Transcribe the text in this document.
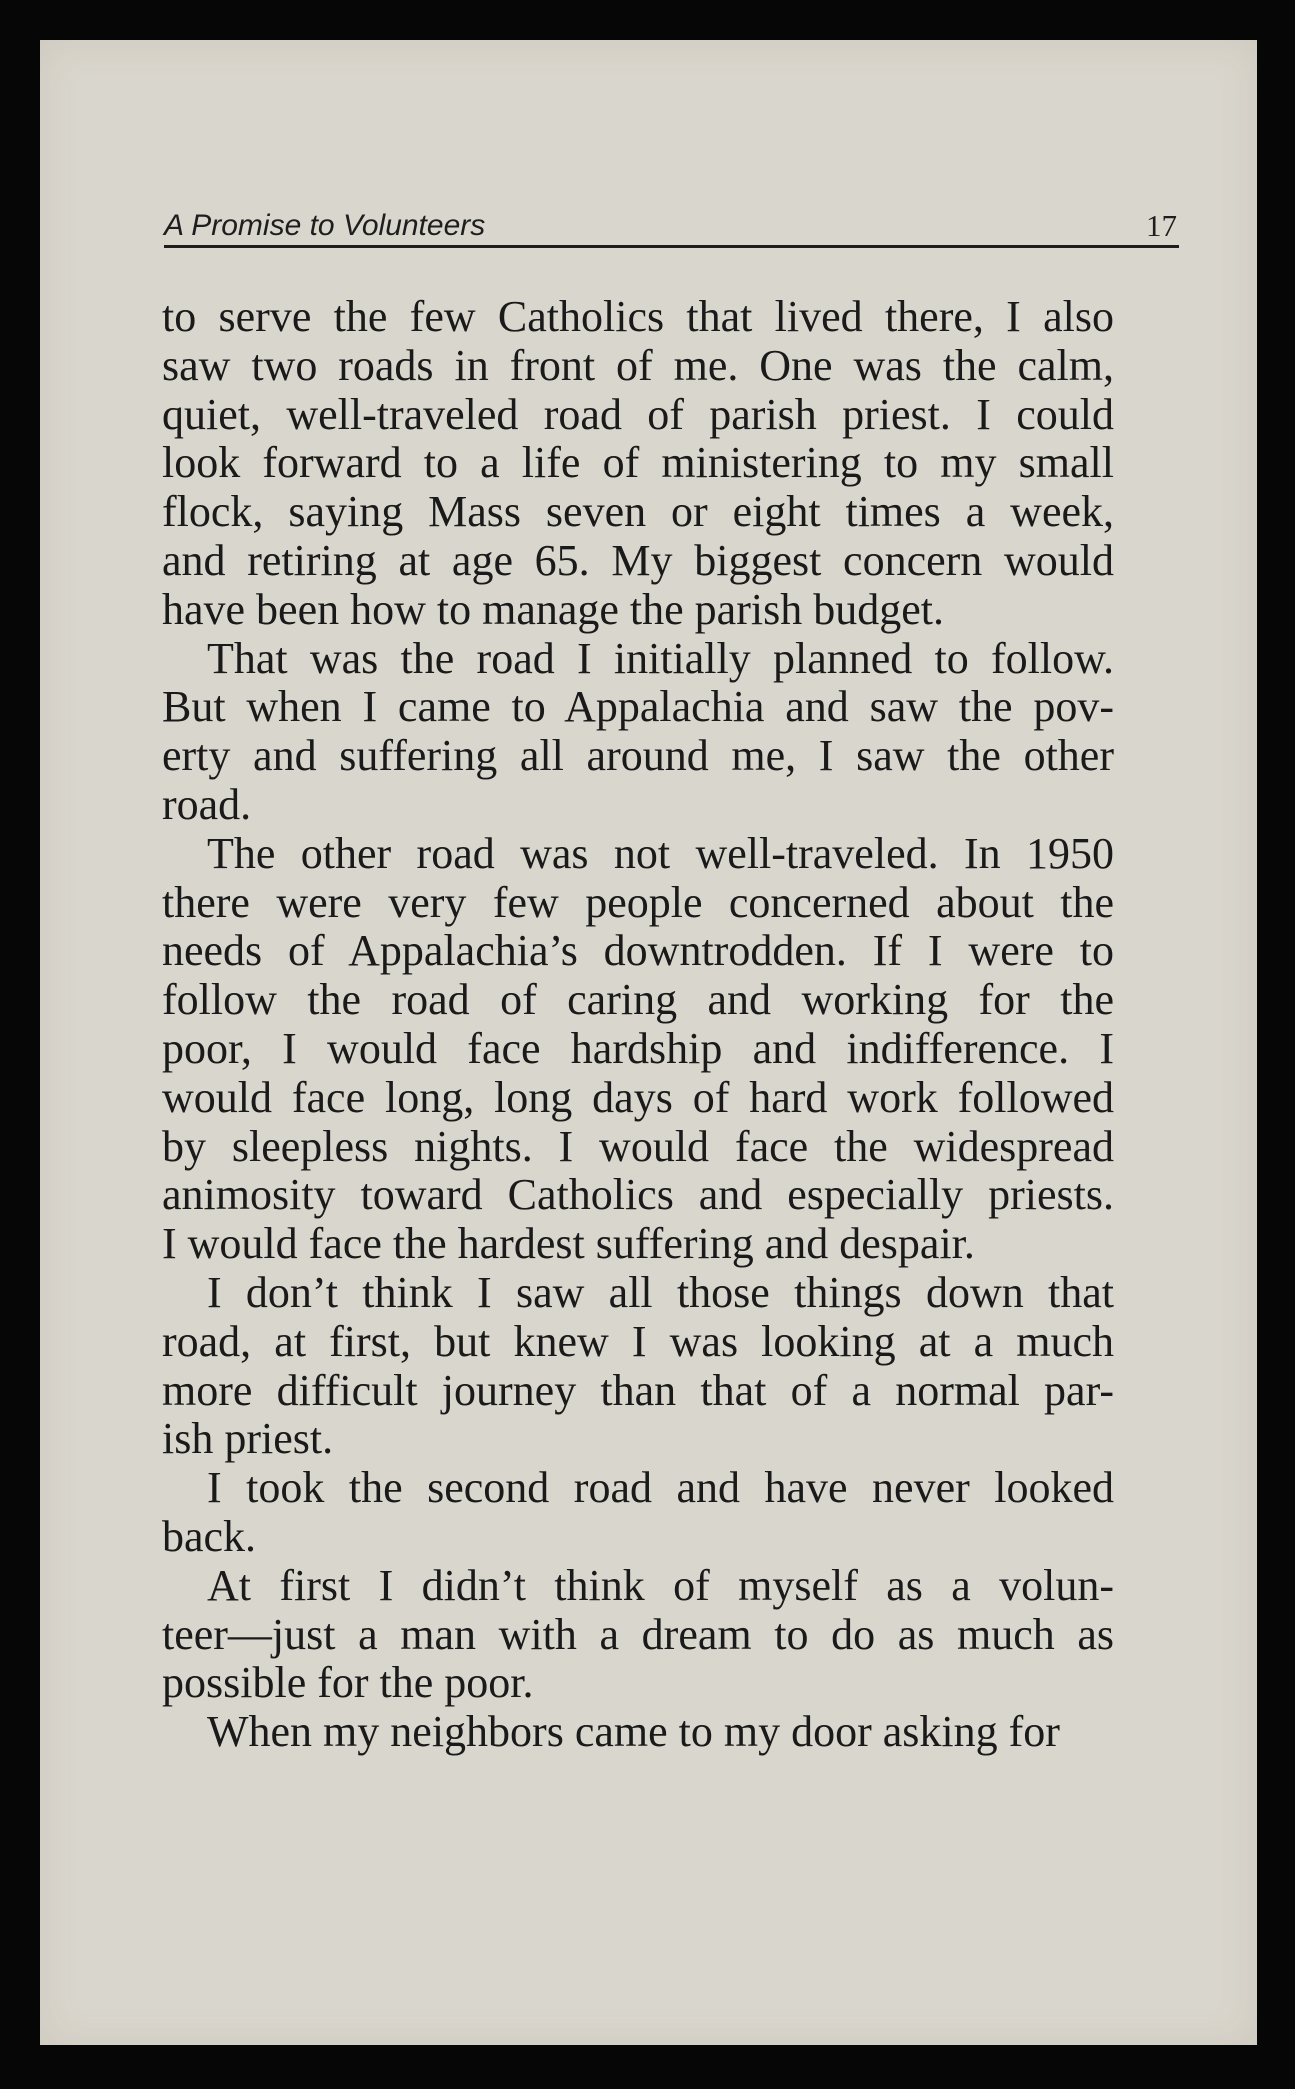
A Promise to Volunteers	17
to serve the few Catholics that lived there, I also
saw two roads in front of me. One was the calm,
quiet, well-traveled road of parish priest. I could
look forward to a life of ministering to my small
flock, saying Mass seven or eight times a week,
and retiring at age 65. My biggest concern would
have been how to manage the parish budget.
That was the road I initially planned to follow.
But when I came to Appalachia and saw the pov-
erty and suffering all around me, I saw the other
road.
The other road was not well-traveled. In 1950
there were very few people concerned about the
needs of Appalachia’s downtrodden. If I were to
follow the road of caring and working for the
poor, I would face hardship and indifference. I
would face long, long days of hard work followed
by sleepless nights. I would face the widespread
animosity toward Catholics and especially priests.
I would face the hardest suffering and despair.
I don’t think I saw all those things down that
road, at first, but knew I was looking at a much
more difficult journey than that of a normal par-
ish priest.
I took the second road and have never looked
back.
At first I didn’t think of myself as a volun-
teer—just a man with a dream to do as much as
possible for the poor.
When my neighbors came to my door asking for
